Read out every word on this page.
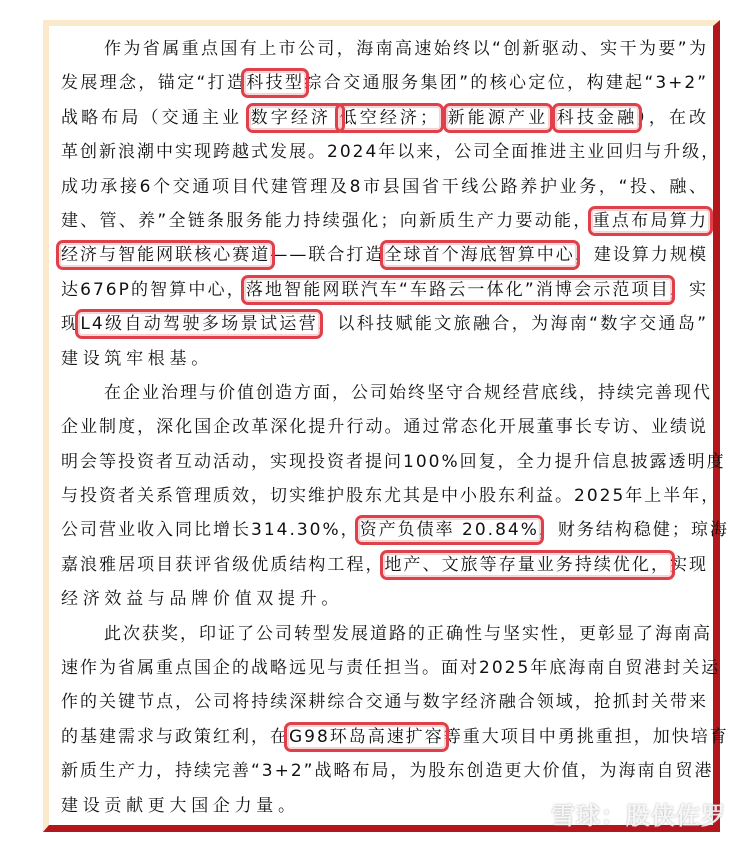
作为省属重点国有上市公司，海南高速始终以“创新驱动、实干为要”为
发展理念，锚定“打造科技型综合交通服务集团”的核心定位，构建起“3+2”
战略布局（交通主业 数字经济 低空经济； 新能源产业 科技金融），在改
革创新浪潮中实现跨越式发展。2024年以来，公司全面推进主业回归与升级，
成功承接6个交通项目代建管理及8市县国省干线公路养护业务，“投、融、
建、管、养”全链条服务能力持续强化；向新质生产力要动能，重点布局算力
经济与智能网联核心赛道——联合打造全球首个海底智算中心，建设算力规模
达676P的智算中心，落地智能网联汽车“车路云一体化”消博会示范项目，实
现L4级自动驾驶多场景试运营，以科技赋能文旅融合，为海南“数字交通岛”
建设筑牢根基。
在企业治理与价值创造方面，公司始终坚守合规经营底线，持续完善现代
企业制度，深化国企改革深化提升行动。通过常态化开展董事长专访、业绩说
明会等投资者互动活动，实现投资者提问100%回复，全力提升信息披露透明度
与投资者关系管理质效，切实维护股东尤其是中小股东利益。2025年上半年，
公司营业收入同比增长314.30%，资产负债率 20.84%，财务结构稳健；琼海
嘉浪雅居项目获评省级优质结构工程，地产、文旅等存量业务持续优化，实现
经济效益与品牌价值双提升。
此次获奖，印证了公司转型发展道路的正确性与坚实性，更彰显了海南高
速作为省属重点国企的战略远见与责任担当。面对2025年底海南自贸港封关运
作的关键节点，公司将持续深耕综合交通与数字经济融合领域，抢抓封关带来
的基建需求与政策红利，在G98环岛高速扩容等重大项目中勇挑重担，加快培育
新质生产力，持续完善“3+2”战略布局，为股东创造更大价值，为海南自贸港
建设贡献更大国企力量。	雪球：股侠佐罗
